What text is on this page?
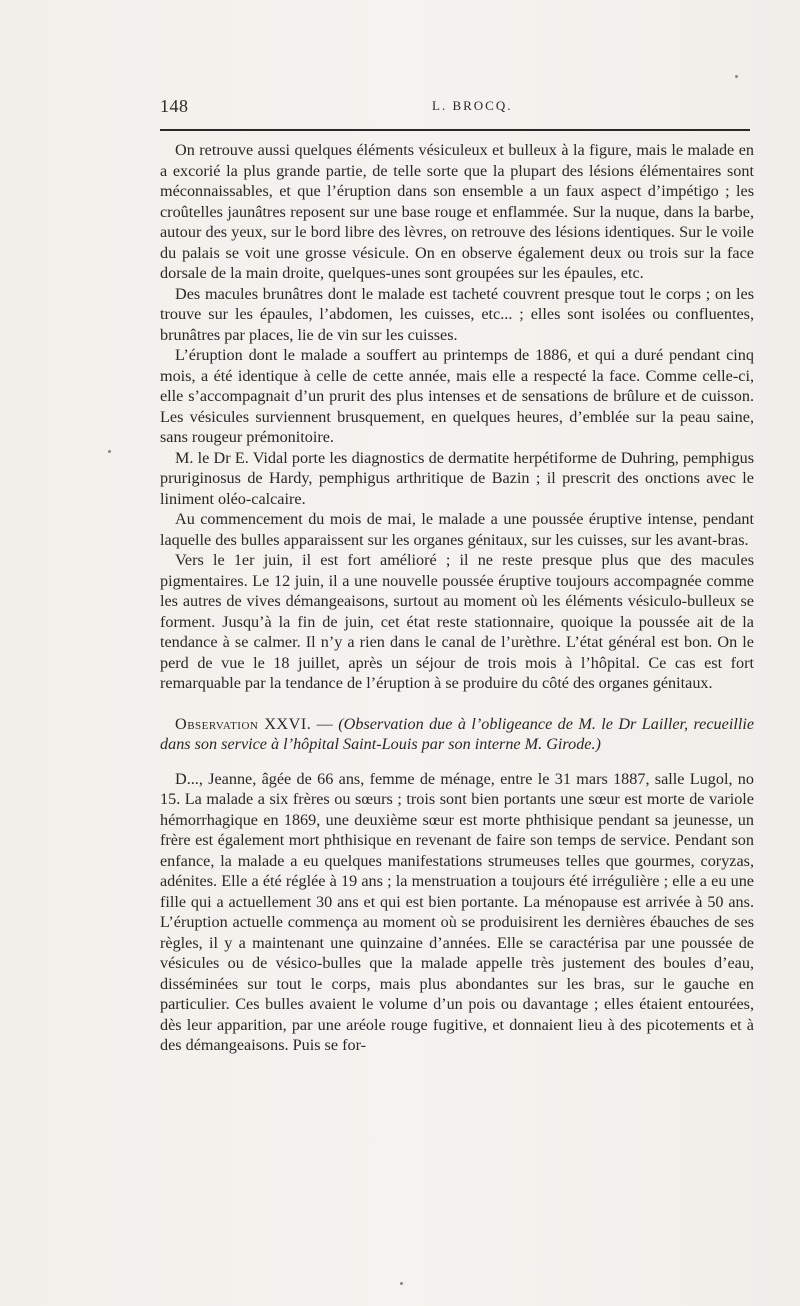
148	L. BROCQ.

On retrouve aussi quelques éléments vésiculeux et bulleux à la figure, mais le malade en a excorié la plus grande partie, de telle sorte que la plupart des lésions élémentaires sont méconnaissables, et que l’éruption dans son ensemble a un faux aspect d’impétigo ; les croûtelles jaunâtres reposent sur une base rouge et enflammée. Sur la nuque, dans la barbe, autour des yeux, sur le bord libre des lèvres, on retrouve des lésions identiques. Sur le voile du palais se voit une grosse vésicule. On en observe également deux ou trois sur la face dorsale de la main droite, quelques-unes sont groupées sur les épaules, etc.

Des macules brunâtres dont le malade est tacheté couvrent presque tout le corps ; on les trouve sur les épaules, l’abdomen, les cuisses, etc... ; elles sont isolées ou confluentes, brunâtres par places, lie de vin sur les cuisses.

L’éruption dont le malade a souffert au printemps de 1886, et qui a duré pendant cinq mois, a été identique à celle de cette année, mais elle a respecté la face. Comme celle-ci, elle s’accompagnait d’un prurit des plus intenses et de sensations de brûlure et de cuisson. Les vésicules surviennent brusquement, en quelques heures, d’emblée sur la peau saine, sans rougeur prémonitoire.

M. le Dr E. Vidal porte les diagnostics de dermatite herpétiforme de Duhring, pemphigus pruriginosus de Hardy, pemphigus arthritique de Bazin ; il prescrit des onctions avec le liniment oléo-calcaire.

Au commencement du mois de mai, le malade a une poussée éruptive intense, pendant laquelle des bulles apparaissent sur les organes génitaux, sur les cuisses, sur les avant-bras.

Vers le 1er juin, il est fort amélioré ; il ne reste presque plus que des macules pigmentaires. Le 12 juin, il a une nouvelle poussée éruptive toujours accompagnée comme les autres de vives démangeaisons, surtout au moment où les éléments vésiculo-bulleux se forment. Jusqu’à la fin de juin, cet état reste stationnaire, quoique la poussée ait de la tendance à se calmer. Il n’y a rien dans le canal de l’urèthre. L’état général est bon. On le perd de vue le 18 juillet, après un séjour de trois mois à l’hôpital. Ce cas est fort remarquable par la tendance de l’éruption à se produire du côté des organes génitaux.

Observation XXVI. — (Observation due à l’obligeance de M. le Dr Lailler, recueillie dans son service à l’hôpital Saint-Louis par son interne M. Girode.)

D..., Jeanne, âgée de 66 ans, femme de ménage, entre le 31 mars 1887, salle Lugol, no 15. La malade a six frères ou sœurs ; trois sont bien portants une sœur est morte de variole hémorrhagique en 1869, une deuxième sœur est morte phthisique pendant sa jeunesse, un frère est également mort phthisique en revenant de faire son temps de service. Pendant son enfance, la malade a eu quelques manifestations strumeuses telles que gourmes, coryzas, adénites. Elle a été réglée à 19 ans ; la menstruation a toujours été irrégulière ; elle a eu une fille qui a actuellement 30 ans et qui est bien portante. La ménopause est arrivée à 50 ans. L’éruption actuelle commença au moment où se produisirent les dernières ébauches de ses règles, il y a maintenant une quinzaine d’années. Elle se caractérisa par une poussée de vésicules ou de vésico-bulles que la malade appelle très justement des boules d’eau, disséminées sur tout le corps, mais plus abondantes sur les bras, sur le gauche en particulier. Ces bulles avaient le volume d’un pois ou davantage ; elles étaient entourées, dès leur apparition, par une aréole rouge fugitive, et donnaient lieu à des picotements et à des démangeaisons. Puis se for-
